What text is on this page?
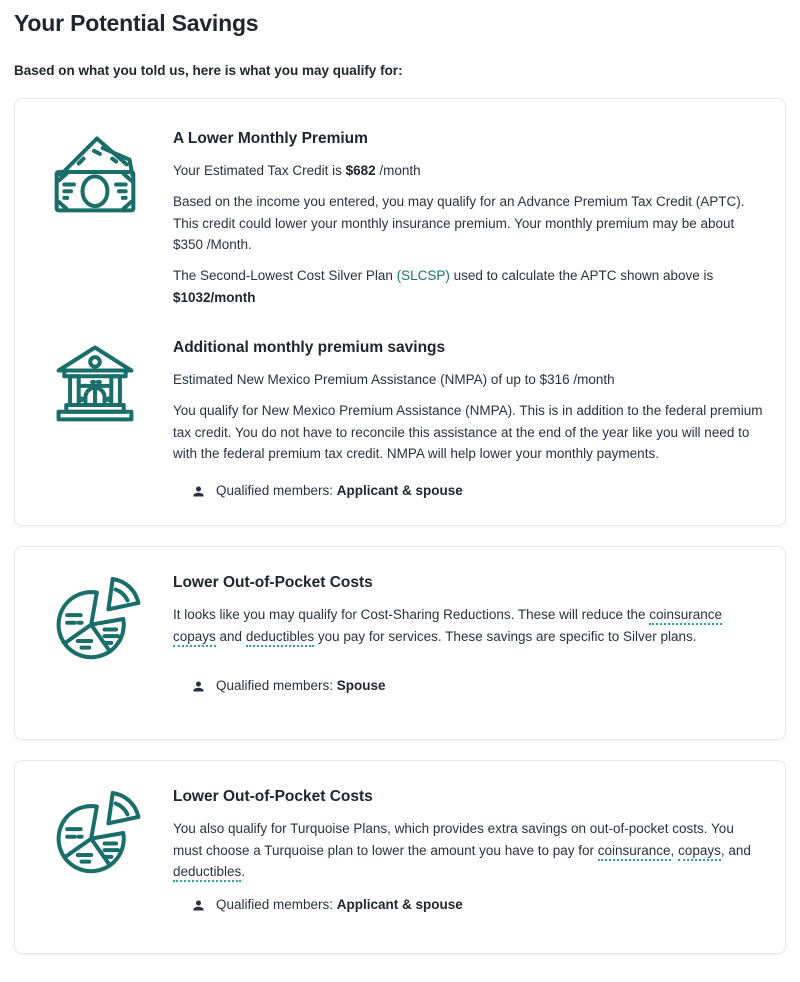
Your Potential Savings

Based on what you told us, here is what you may qualify for:

A Lower Monthly Premium

Your Estimated Tax Credit is $682 /month

Based on the income you entered, you may qualify for an Advance Premium Tax Credit (APTC). This credit could lower your monthly insurance premium. Your monthly premium may be about $350 /Month.

The Second-Lowest Cost Silver Plan (SLCSP) used to calculate the APTC shown above is $1032/month

Additional monthly premium savings

Estimated New Mexico Premium Assistance (NMPA) of up to $316 /month

You qualify for New Mexico Premium Assistance (NMPA). This is in addition to the federal premium tax credit. You do not have to reconcile this assistance at the end of the year like you will need to with the federal premium tax credit. NMPA will help lower your monthly payments.

Qualified members: Applicant & spouse
Lower Out-of-Pocket Costs

It looks like you may qualify for Cost-Sharing Reductions. These will reduce the coinsurance copays and deductibles you pay for services. These savings are specific to Silver plans.

Qualified members: Spouse
Lower Out-of-Pocket Costs

You also qualify for Turquoise Plans, which provides extra savings on out-of-pocket costs. You must choose a Turquoise plan to lower the amount you have to pay for coinsurance, copays, and deductibles.

Qualified members: Applicant & spouse
